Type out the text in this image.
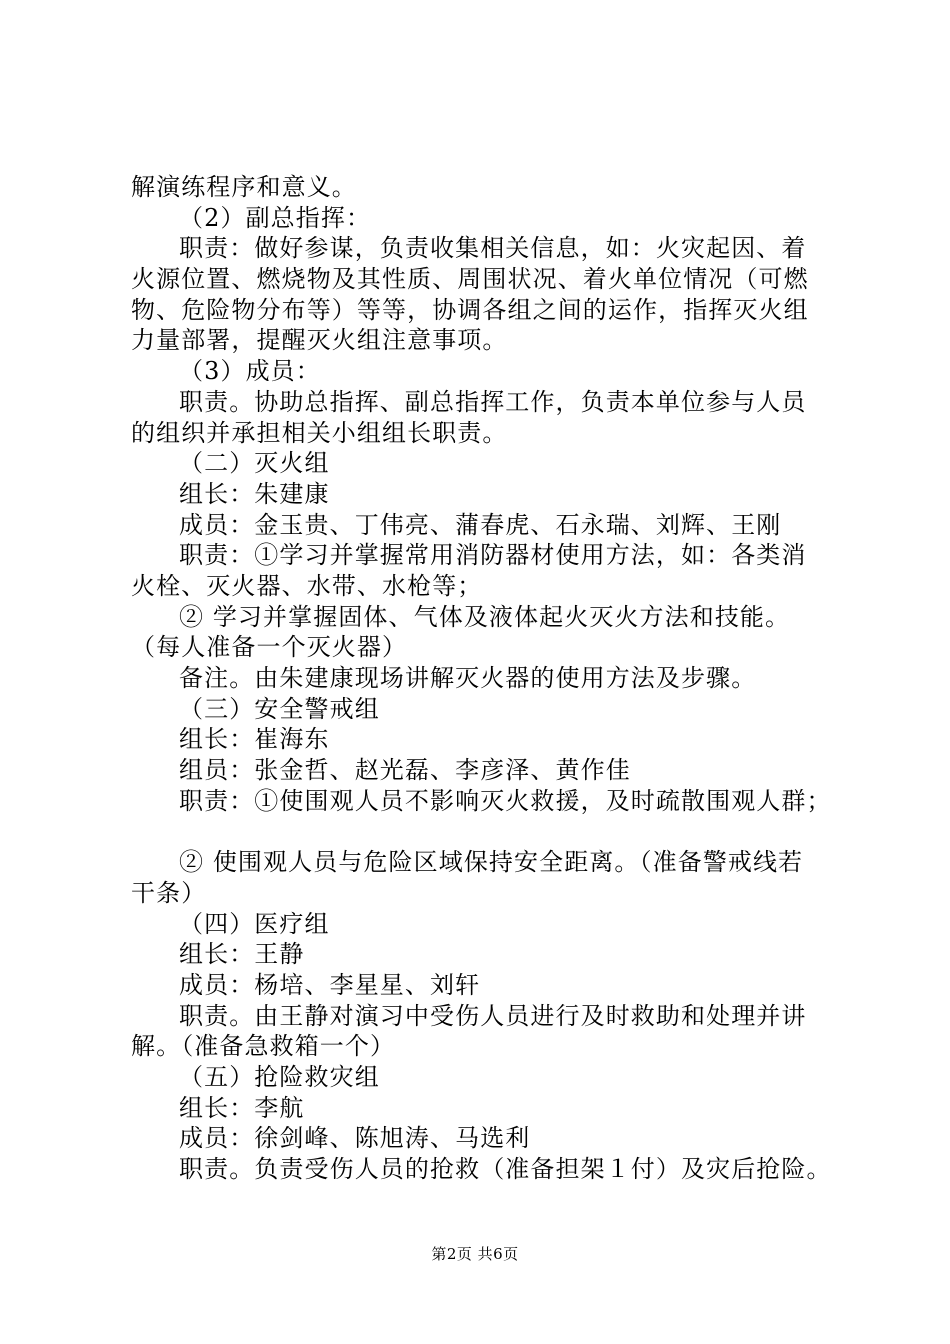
解演练程序和意义。
（2）副总指挥：
职责：做好参谋，负责收集相关信息，如：火灾起因、着
火源位置、燃烧物及其性质、周围状况、着火单位情况（可燃
物、危险物分布等）等等，协调各组之间的运作，指挥灭火组
力量部署，提醒灭火组注意事项。
（3）成员：
职责。协助总指挥、副总指挥工作，负责本单位参与人员
的组织并承担相关小组组长职责。
（二）灭火组
组长：朱建康
成员：金玉贵、丁伟亮、蒲春虎、石永瑞、刘辉、王刚
职责：①学习并掌握常用消防器材使用方法，如：各类消
火栓、灭火器、水带、水枪等；
② 学习并掌握固体、气体及液体起火灭火方法和技能。
（每人准备一个灭火器）
备注。由朱建康现场讲解灭火器的使用方法及步骤。
（三）安全警戒组
组长：崔海东
组员：张金哲、赵光磊、李彦泽、黄作佳
职责：①使围观人员不影响灭火救援，及时疏散围观人群；
② 使围观人员与危险区域保持安全距离。（准备警戒线若
干条）
（四）医疗组
组长：王静
成员：杨培、李星星、刘轩
职责。由王静对演习中受伤人员进行及时救助和处理并讲
解。（准备急救箱一个）
（五）抢险救灾组
组长：李航
成员：徐剑峰、陈旭涛、马选利
职责。负责受伤人员的抢救（准备担架１付）及灾后抢险。
第2页 共6页
